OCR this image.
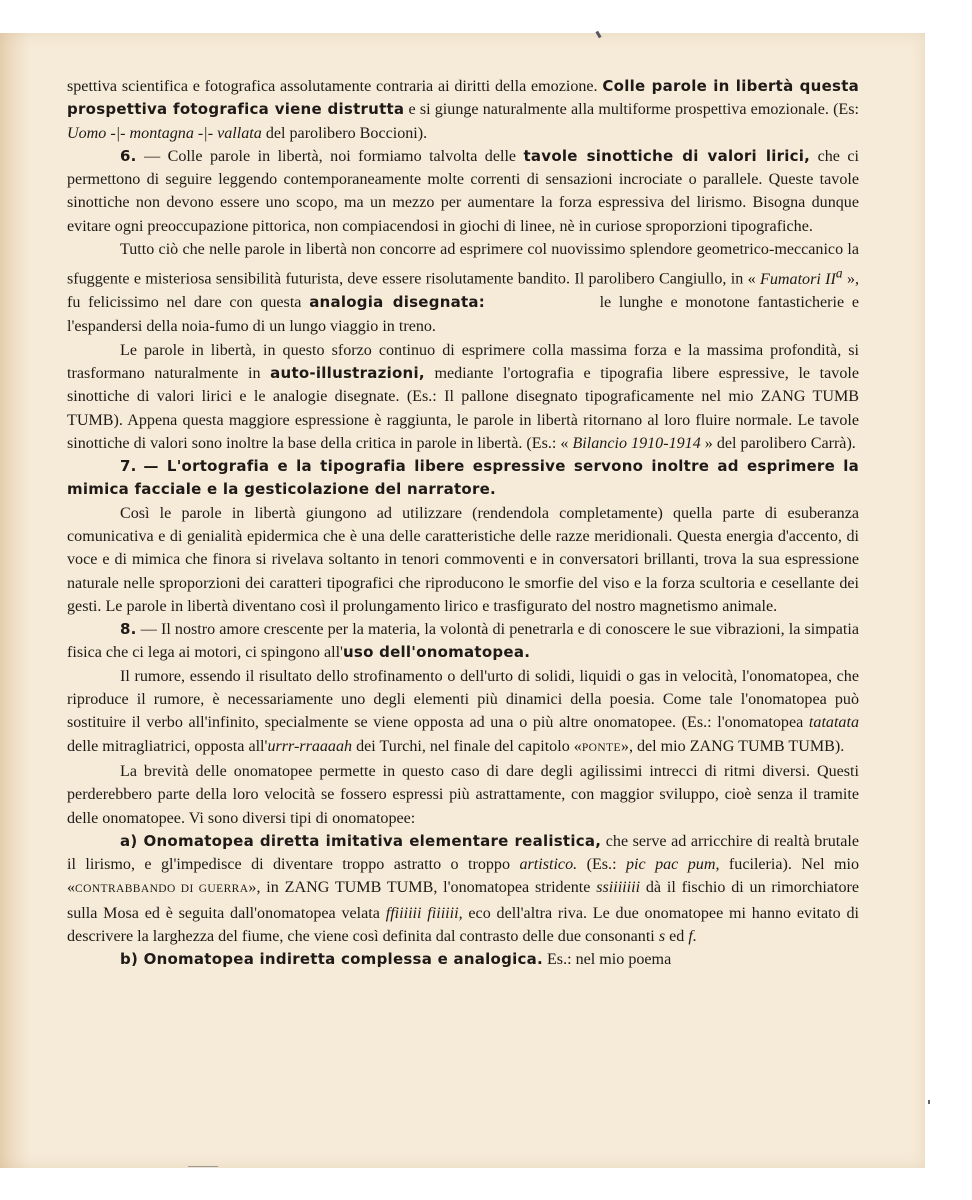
spettiva scientifica e fotografica assolutamente contraria ai diritti della emozione. Colle parole in libertà questa prospettiva fotografica viene distrutta e si giunge naturalmente alla multiforme prospettiva emozionale. (Es: Uomo -|- montagna -|- vallata del parolibero Boccioni).

6. — Colle parole in libertà, noi formiamo talvolta delle tavole sinottiche di valori lirici, che ci permettono di seguire leggendo contemporaneamente molte correnti di sensazioni incrociate o parallele. Queste tavole sinottiche non devono essere uno scopo, ma un mezzo per aumentare la forza espressiva del lirismo. Bisogna dunque evitare ogni preoccupazione pittorica, non compiacendosi in giochi di linee, nè in curiose sproporzioni tipografiche.

Tutto ciò che nelle parole in libertà non concorre ad esprimere col nuovissimo splendore geometrico-meccanico la sfuggente e misteriosa sensibilità futurista, deve essere risolutamente bandito. Il parolibero Cangiullo, in « Fumatori $II^a$ », fu felicissimo nel dare con questa analogia disegnata:	le lunghe e monotone fantasticherie e l'espandersi della noia-fumo di un lungo viaggio in treno.

Le parole in libertà, in questo sforzo continuo di esprimere colla massima forza e la massima profondità, si trasformano naturalmente in auto-illustrazioni, mediante l'ortografia e tipografia libere espressive, le tavole sinottiche di valori lirici e le analogie disegnate. (Es.: Il pallone disegnato tipograficamente nel mio ZANG TUMB TUMB). Appena questa maggiore espressione è raggiunta, le parole in libertà ritornano al loro fluire normale. Le tavole sinottiche di valori sono inoltre la base della critica in parole in libertà. (Es.: « Bilancio 1910-1914 » del parolibero Carrà).

7. — L'ortografia e la tipografia libere espressive servono inoltre ad esprimere la mimica facciale e la gesticolazione del narratore.

Così le parole in libertà giungono ad utilizzare (rendendola completamente) quella parte di esuberanza comunicativa e di genialità epidermica che è una delle caratteristiche delle razze meridionali. Questa energia d'accento, di voce e di mimica che finora si rivelava soltanto in tenori commoventi e in conversatori brillanti, trova la sua espressione naturale nelle sproporzioni dei caratteri tipografici che riproducono le smorfie del viso e la forza scultoria e cesellante dei gesti. Le parole in libertà diventano così il prolungamento lirico e trasfigurato del nostro magnetismo animale.

8. — Il nostro amore crescente per la materia, la volontà di penetrarla e di conoscere le sue vibrazioni, la simpatia fisica che ci lega ai motori, ci spingono all'uso dell'onomatopea.

Il rumore, essendo il risultato dello strofinamento o dell'urto di solidi, liquidi o gas in velocità, l'onomatopea, che riproduce il rumore, è necessariamente uno degli elementi più dinamici della poesia. Come tale l'onomatopea può sostituire il verbo all'infinito, specialmente se viene opposta ad una o più altre onomatopee. (Es.: l'onomatopea tatatata delle mitragliatrici, opposta all'urrr-rraaaah dei Turchi, nel finale del capitolo «PONTE», del mio ZANG TUMB TUMB).

La brevità delle onomatopee permette in questo caso di dare degli agilissimi intrecci di ritmi diversi. Questi perderebbero parte della loro velocità se fossero espressi più astrattamente, con maggior sviluppo, cioè senza il tramite delle onomatopee. Vi sono diversi tipi di onomatopee:

a) Onomatopea diretta imitativa elementare realistica, che serve ad arricchire di realtà brutale il lirismo, e gl'impedisce di diventare troppo astratto o troppo artistico. (Es.: pic pac pum, fucileria). Nel mio «CONTRABBANDO DI GUERRA», in ZANG TUMB TUMB, l'onomatopea stridente ssiiiiiii dà il fischio di un rimorchiatore sulla Mosa ed è seguita dall'onomatopea velata ffiiiiii fiiiiii, eco dell'altra riva. Le due onomatopee mi hanno evitato di descrivere la larghezza del fiume, che viene così definita dal contrasto delle due consonanti s ed f.

b) Onomatopea indiretta complessa e analogica. Es.: nel mio poema
